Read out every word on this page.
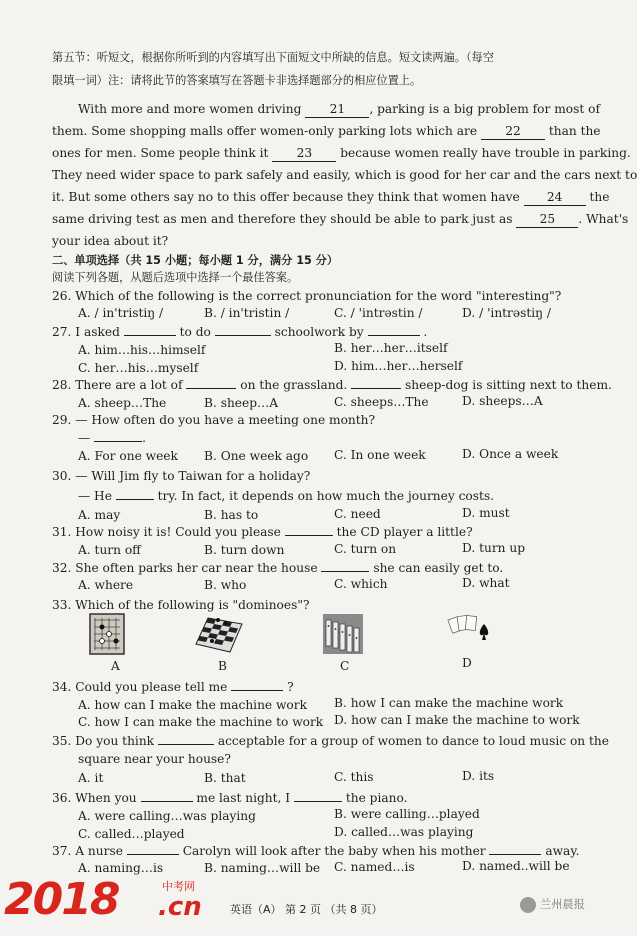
第五节：听短文，根据你所听到的内容填写出下面短文中所缺的信息。短文读两遍。（每空
限填一词）注：请将此节的答案填写在答题卡非选择题部分的相应位置上。
With more and more women driving 21 , parking is a big problem for most of
them. Some shopping malls offer women-only parking lots which are 22 than the
ones for men. Some people think it 23 because women really have trouble in parking.
They need wider space to park safely and easily, which is good for her car and the cars next to
it. But some others say no to this offer because they think that women have 24 the
same driving test as men and therefore they should be able to park just as 25 . What's
your idea about it?
二、单项选择（共 15 小题；每小题 1 分，满分 15 分）
阅读下列各题，从题后选项中选择一个最佳答案。
26. Which of the following is the correct pronunciation for the word "interesting"?
A. / in'tristiŋ /	B. / in'tristin /	C. / 'intrəstin /	D. / 'intrəstiŋ /
27. I asked	to do	schoolwork by	.
A. him…his…himself	B. her…her…itself
C. her…his…myself	D. him…her…herself
28. There are a lot of	on the grassland.	sheep-dog is sitting next to them.
A. sheep…The	B. sheep…A	C. sheeps…The	D. sheeps…A
29. — How often do you have a meeting one month?
—	.
A. For one week B. One week ago C. In one week	D. Once a week
30. — Will Jim fly to Taiwan for a holiday?
— He	try. In fact, it depends on how much the journey costs.
A. may	B. has to	C. need	D. must
31. How noisy it is! Could you please	the CD player a little?
A. turn off	B. turn down	C. turn on	D. turn up
32. She often parks her car near the house	she can easily get to.
A. where	B. who	C. which	D. what
33. Which of the following is "dominoes"?
A	B	C	D
34. Could you please tell me	?
A. how can I make the machine work B. how I can make the machine work
C. how I can make the machine to work D. how can I make the machine to work
35. Do you think	acceptable for a group of women to dance to loud music on the
square near your house?
A. it	B. that	C. this	D. its
36. When you	me last night, I	the piano.
A. were calling…was playing	B. were calling…played
C. called…played	D. called…was playing
37. A nurse	Carolyn will look after the baby when his mother	away.
A. naming…is	B. naming…will be C. named…is	D. named..will be
2018	中考网
.cn	英语（A） 第 2 页 （共 8 页）	兰州晨报
